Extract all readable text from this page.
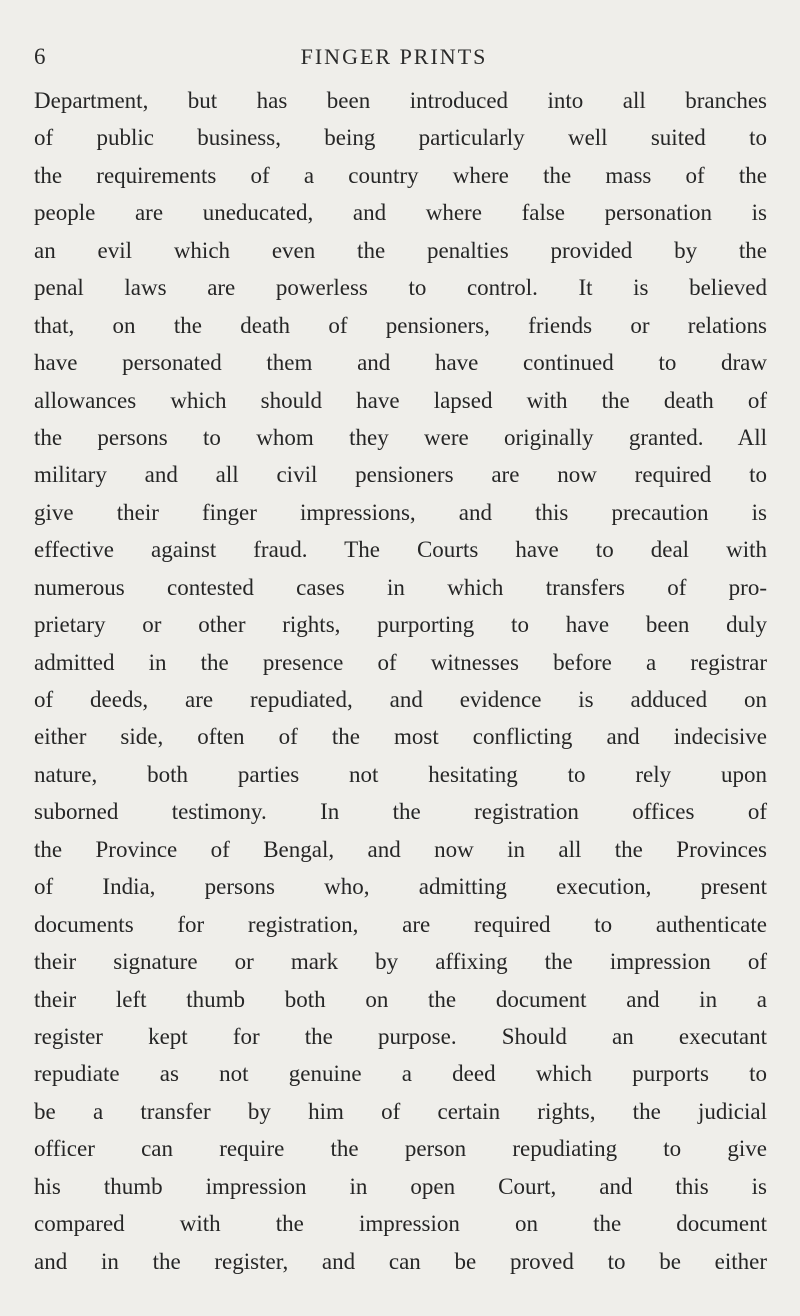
6	FINGER PRINTS
Department, but has been introduced into all branches
of public business, being particularly well suited to
the requirements of a country where the mass of the
people are uneducated, and where false personation is
an evil which even the penalties provided by the
penal laws are powerless to control. It is believed
that, on the death of pensioners, friends or relations
have personated them and have continued to draw
allowances which should have lapsed with the death of
the persons to whom they were originally granted. All
military and all civil pensioners are now required to
give their finger impressions, and this precaution is
effective against fraud. The Courts have to deal with
numerous contested cases in which transfers of pro-
prietary or other rights, purporting to have been duly
admitted in the presence of witnesses before a registrar
of deeds, are repudiated, and evidence is adduced on
either side, often of the most conflicting and indecisive
nature, both parties not hesitating to rely upon
suborned testimony. In the registration offices of
the Province of Bengal, and now in all the Provinces
of India, persons who, admitting execution, present
documents for registration, are required to authenticate
their signature or mark by affixing the impression of
their left thumb both on the document and in a
register kept for the purpose. Should an executant
repudiate as not genuine a deed which purports to
be a transfer by him of certain rights, the judicial
officer can require the person repudiating to give
his thumb impression in open Court, and this is
compared with the impression on the document
and in the register, and can be proved to be either
